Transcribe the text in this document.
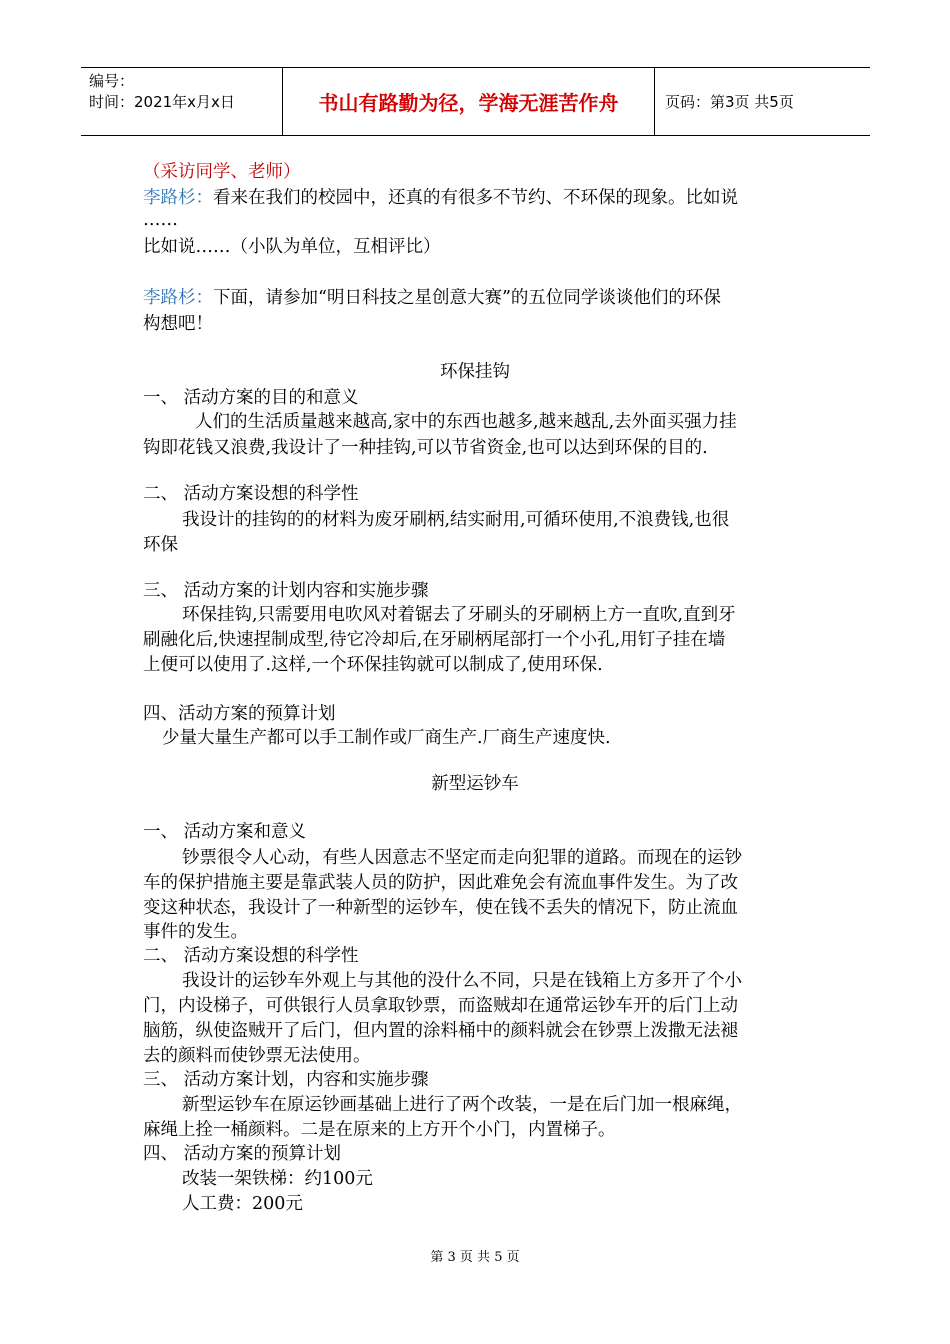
编号：
时间：2021年x月x日	书山有路勤为径，学海无涯苦作舟	页码：第3页 共5页
（采访同学、老师）
李路杉：看来在我们的校园中，还真的有很多不节约、不环保的现象。比如说
……
比如说……（小队为单位，互相评比）
李路杉：下面，请参加“明日科技之星创意大赛”的五位同学谈谈他们的环保
构想吧！
环保挂钩
一、 活动方案的目的和意义
人们的生活质量越来越高,家中的东西也越多,越来越乱,去外面买强力挂
钩即花钱又浪费,我设计了一种挂钩,可以节省资金,也可以达到环保的目的.
二、 活动方案设想的科学性
我设计的挂钩的的材料为废牙刷柄,结实耐用,可循环使用,不浪费钱,也很
环保
三、 活动方案的计划内容和实施步骤
环保挂钩,只需要用电吹风对着锯去了牙刷头的牙刷柄上方一直吹,直到牙
刷融化后,快速捏制成型,待它冷却后,在牙刷柄尾部打一个小孔,用钉子挂在墙
上便可以使用了.这样,一个环保挂钩就可以制成了,使用环保.
四、活动方案的预算计划
少量大量生产都可以手工制作或厂商生产.厂商生产速度快.
新型运钞车
一、 活动方案和意义
钞票很令人心动，有些人因意志不坚定而走向犯罪的道路。而现在的运钞
车的保护措施主要是靠武装人员的防护，因此难免会有流血事件发生。为了改
变这种状态，我设计了一种新型的运钞车，使在钱不丢失的情况下，防止流血
事件的发生。
二、 活动方案设想的科学性
我设计的运钞车外观上与其他的没什么不同，只是在钱箱上方多开了个小
门，内设梯子，可供银行人员拿取钞票，而盗贼却在通常运钞车开的后门上动
脑筋，纵使盗贼开了后门，但内置的涂料桶中的颜料就会在钞票上泼撒无法褪
去的颜料而使钞票无法使用。
三、 活动方案计划，内容和实施步骤
新型运钞车在原运钞画基础上进行了两个改装，一是在后门加一根麻绳，
麻绳上拴一桶颜料。二是在原来的上方开个小门，内置梯子。
四、 活动方案的预算计划
改装一架铁梯：约100元
人工费：200元
第 3 页 共 5 页
